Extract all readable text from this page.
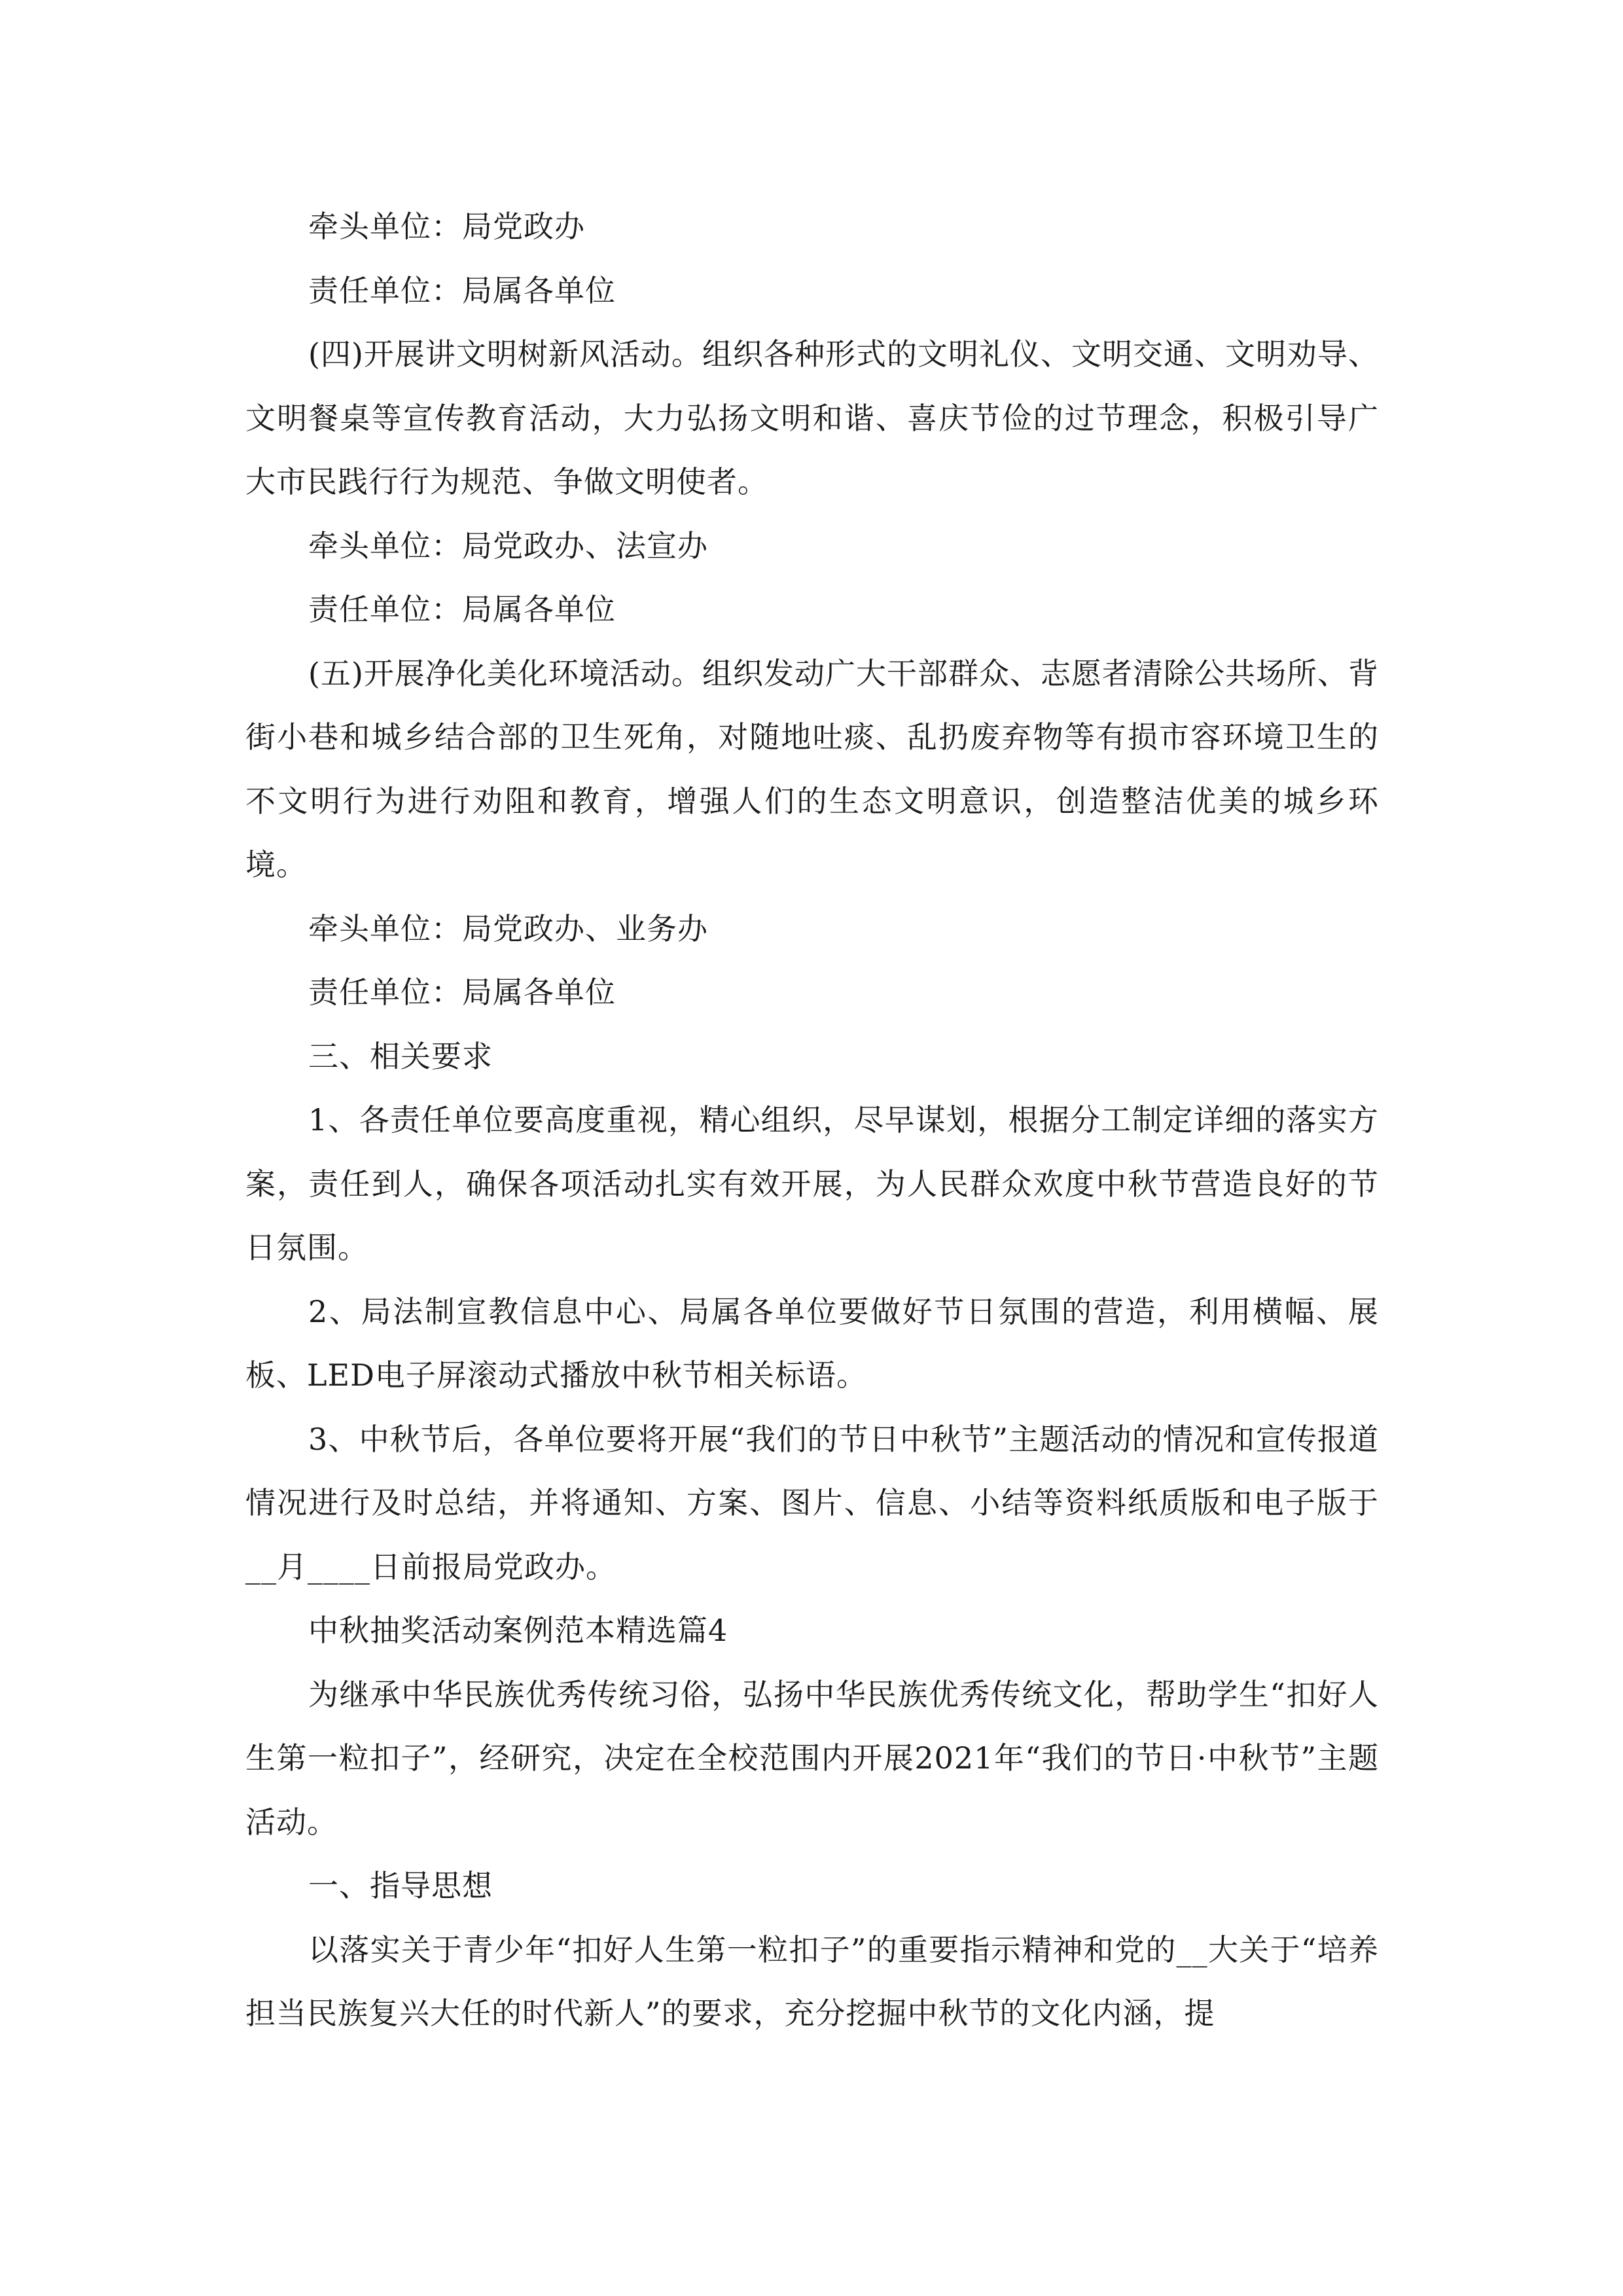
牵头单位：局党政办

责任单位：局属各单位

(四)开展讲文明树新风活动。组织各种形式的文明礼仪、文明交通、文明劝导、文明餐桌等宣传教育活动，大力弘扬文明和谐、喜庆节俭的过节理念，积极引导广大市民践行行为规范、争做文明使者。

牵头单位：局党政办、法宣办

责任单位：局属各单位

(五)开展净化美化环境活动。组织发动广大干部群众、志愿者清除公共场所、背街小巷和城乡结合部的卫生死角，对随地吐痰、乱扔废弃物等有损市容环境卫生的不文明行为进行劝阻和教育，增强人们的生态文明意识，创造整洁优美的城乡环境。

牵头单位：局党政办、业务办

责任单位：局属各单位

三、相关要求

1、各责任单位要高度重视，精心组织，尽早谋划，根据分工制定详细的落实方案，责任到人，确保各项活动扎实有效开展，为人民群众欢度中秋节营造良好的节日氛围。

2、局法制宣教信息中心、局属各单位要做好节日氛围的营造，利用横幅、展板、LED电子屏滚动式播放中秋节相关标语。

3、中秋节后，各单位要将开展“我们的节日中秋节”主题活动的情况和宣传报道情况进行及时总结，并将通知、方案、图片、信息、小结等资料纸质版和电子版于__月____日前报局党政办。

中秋抽奖活动案例范本精选篇4

为继承中华民族优秀传统习俗，弘扬中华民族优秀传统文化，帮助学生“扣好人生第一粒扣子”，经研究，决定在全校范围内开展2021年“我们的节日·中秋节”主题活动。

一、指导思想

以落实关于青少年“扣好人生第一粒扣子”的重要指示精神和党的__大关于“培养担当民族复兴大任的时代新人”的要求，充分挖掘中秋节的文化内涵，提
